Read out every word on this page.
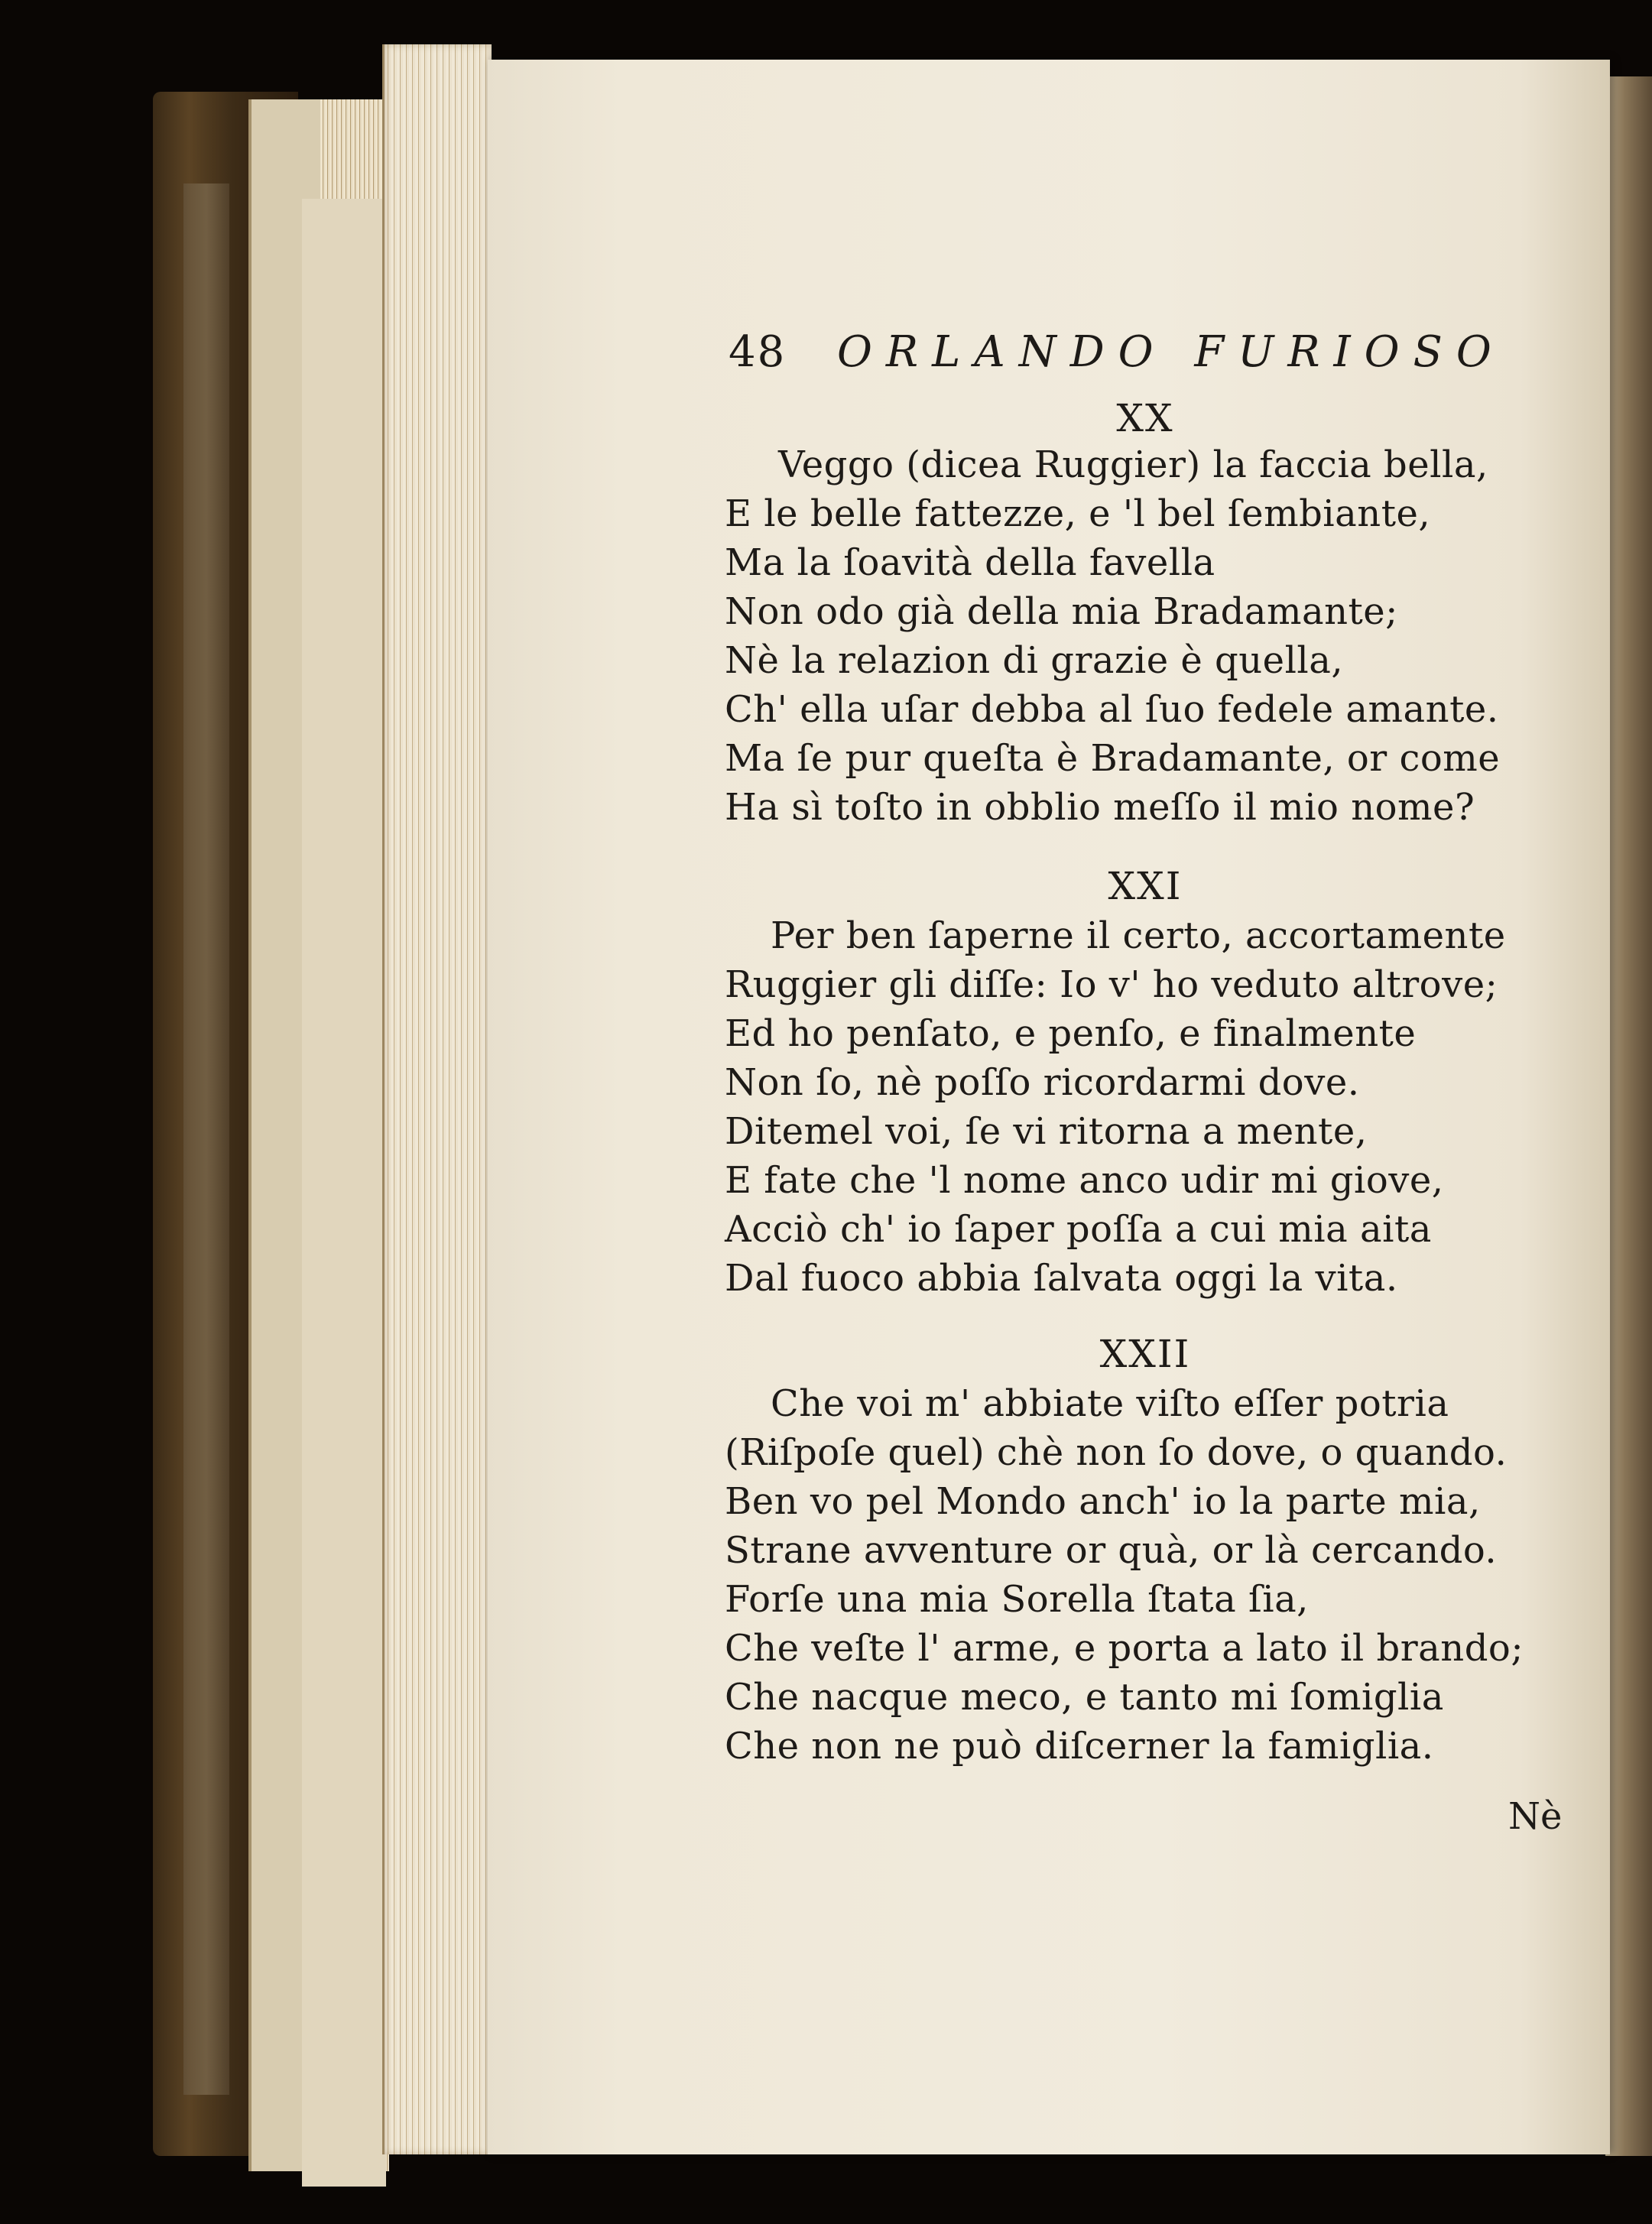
48 ORLANDO FURIOSO
XX
Veggo (dicea Ruggier) la faccia bella,
E le belle fattezze, e 'l bel ſembiante,
Ma la ſoavità della favella
Non odo già della mia Bradamante;
Nè la relazion di grazie è quella,
Ch' ella uſar debba al ſuo fedele amante.
Ma ſe pur queſta è Bradamante, or come
Ha sì toſto in obblio meſſo il mio nome?
XXI
Per ben ſaperne il certo, accortamente
Ruggier gli diſſe: Io v' ho veduto altrove;
Ed ho penſato, e penſo, e finalmente
Non ſo, nè poſſo ricordarmi dove.
Ditemel voi, ſe vi ritorna a mente,
E fate che 'l nome anco udir mi giove,
Acciò ch' io ſaper poſſa a cui mia aita
Dal fuoco abbia ſalvata oggi la vita.
XXII
Che voi m' abbiate viſto eſſer potria
(Riſpoſe quel) chè non ſo dove, o quando.
Ben vo pel Mondo anch' io la parte mia,
Strane avventure or quà, or là cercando.
Forſe una mia Sorella ſtata ſia,
Che veſte l' arme, e porta a lato il brando;
Che nacque meco, e tanto mi ſomiglia
Che non ne può diſcerner la famiglia.
Nè
